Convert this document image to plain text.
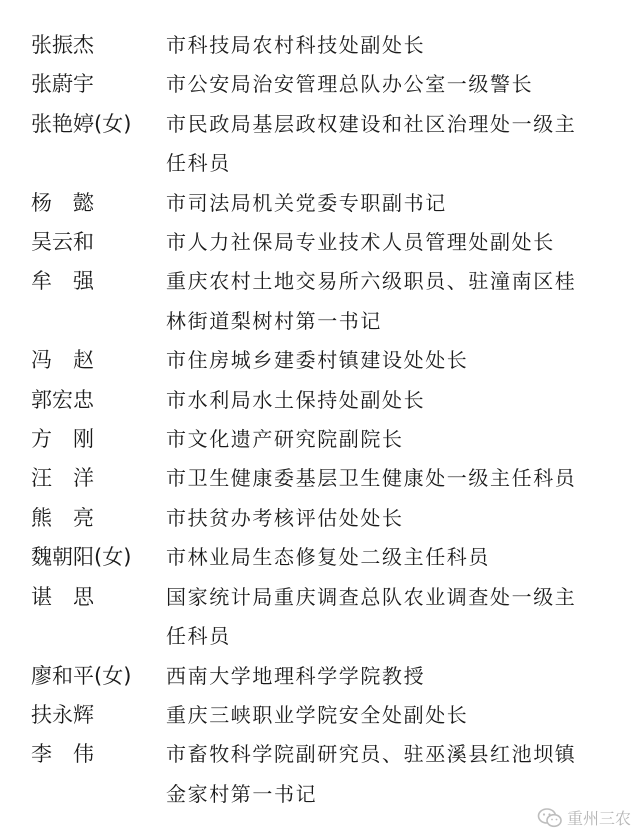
张振杰	市科技局农村科技处副处长
张蔚宇	市公安局治安管理总队办公室一级警长
张艳婷(女)	市民政局基层政权建设和社区治理处一级主任科员
杨　懿	市司法局机关党委专职副书记
吴云和	市人力社保局专业技术人员管理处副处长
牟　强	重庆农村土地交易所六级职员、驻潼南区桂林街道梨树村第一书记
冯　赵	市住房城乡建委村镇建设处处长
郭宏忠	市水利局水土保持处副处长
方　刚	市文化遗产研究院副院长
汪　洋	市卫生健康委基层卫生健康处一级主任科员
熊　亮	市扶贫办考核评估处处长
魏朝阳(女)	市林业局生态修复处二级主任科员
谌　思	国家统计局重庆调查总队农业调查处一级主任科员
廖和平(女)	西南大学地理科学学院教授
扶永辉	重庆三峡职业学院安全处副处长
李　伟	市畜牧科学院副研究员、驻巫溪县红池坝镇金家村第一书记
重州三农
